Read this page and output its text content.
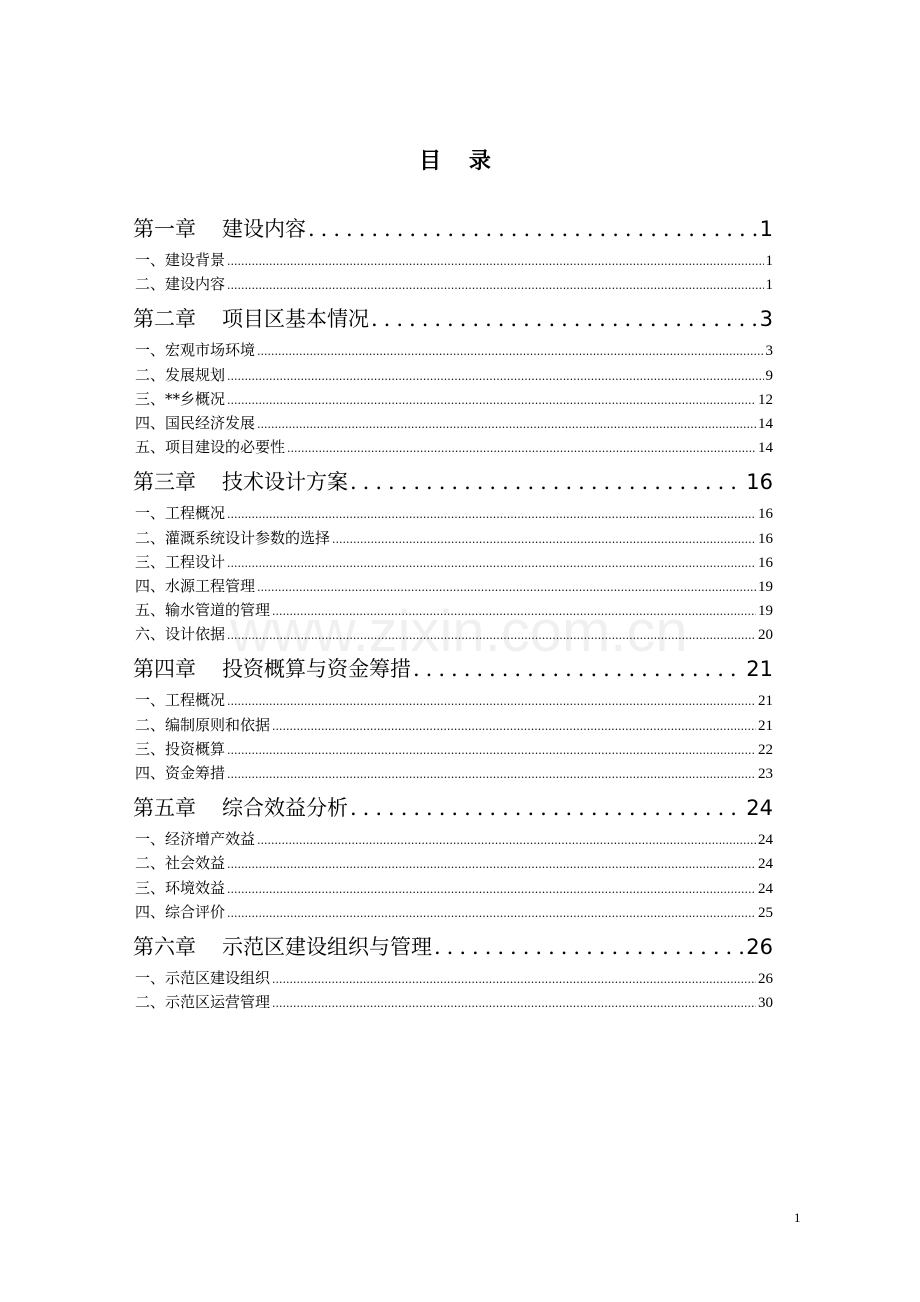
目 录
第一章 建设内容 .....	1
一、建设背景 .....	1
二、建设内容 .....	1
第二章 项目区基本情况 .....	3
一、宏观市场环境 .....	3
二、发展规划 .....	9
三、**乡概况 .....	12
四、国民经济发展 .....	14
五、项目建设的必要性 .....	14
第三章 技术设计方案 .....	16
一、工程概况 .....	16
二、灌溉系统设计参数的选择 .....	16
三、工程设计 .....	16
四、水源工程管理 .....	19
五、输水管道的管理 .....	19
六、设计依据 .....	20
第四章 投资概算与资金筹措 .....	21
一、工程概况 .....	21
二、编制原则和依据 .....	21
三、投资概算 .....	22
四、资金筹措 .....	23
第五章 综合效益分析 .....	24
一、经济增产效益 .....	24
二、社会效益 .....	24
三、环境效益 .....	24
四、综合评价 .....	25
第六章 示范区建设组织与管理 .....	26
一、示范区建设组织 .....	26
二、示范区运营管理 .....	30
www.zixin.com.cn
1
